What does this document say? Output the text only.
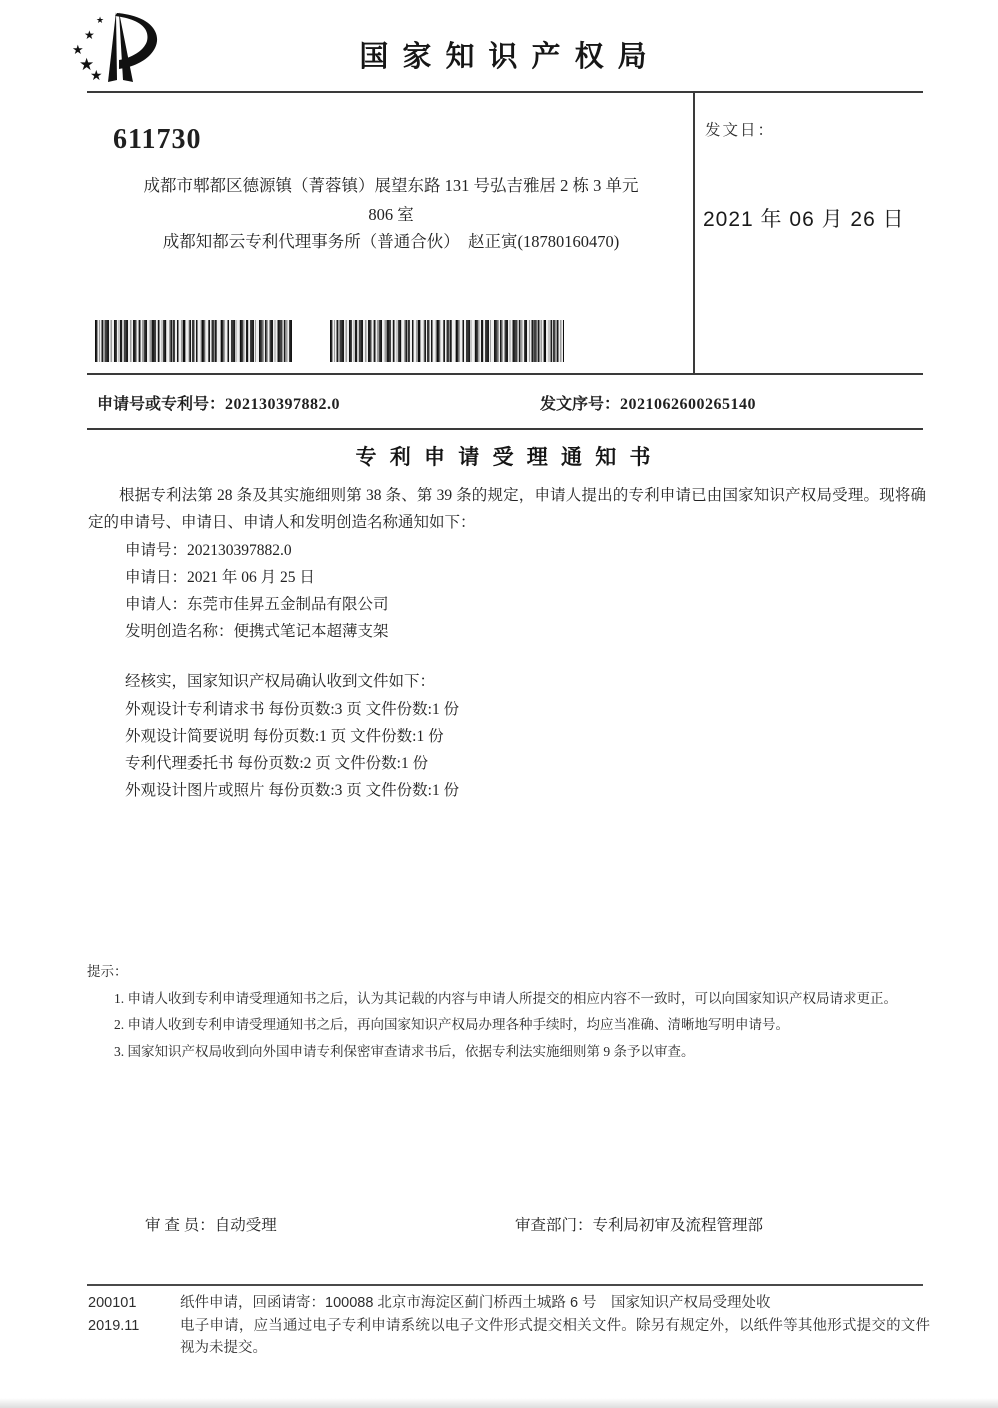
★
★
★
★
★
国 家 知 识 产 权 局
611730
成都市郫都区德源镇（菁蓉镇）展望东路 131 号弘吉雅居 2 栋 3 单元
806 室
成都知都云专利代理事务所（普通合伙）　赵正寅(18780160470)
发文日：
2021 年 06 月 26 日
申请号或专利号：202130397882.0	发文序号：2021062600265140
专 利 申 请 受 理 通 知 书
根据专利法第 28 条及其实施细则第 38 条、第 39 条的规定，申请人提出的专利申请已由国家知识产权局受理。现将确定的申请号、申请日、申请人和发明创造名称通知如下：
申请号：202130397882.0
申请日：2021 年 06 月 25 日
申请人：东莞市佳昇五金制品有限公司
发明创造名称：便携式笔记本超薄支架
经核实，国家知识产权局确认收到文件如下：
外观设计专利请求书 每份页数:3 页 文件份数:1 份
外观设计简要说明 每份页数:1 页 文件份数:1 份
专利代理委托书 每份页数:2 页 文件份数:1 份
外观设计图片或照片 每份页数:3 页 文件份数:1 份
提示：
1. 申请人收到专利申请受理通知书之后，认为其记载的内容与申请人所提交的相应内容不一致时，可以向国家知识产权局请求更正。
2. 申请人收到专利申请受理通知书之后，再向国家知识产权局办理各种手续时，均应当准确、清晰地写明申请号。
3. 国家知识产权局收到向外国申请专利保密审查请求书后，依据专利法实施细则第 9 条予以审查。
审 查 员：自动受理	审查部门：专利局初审及流程管理部
200101	纸件申请，回函请寄：100088 北京市海淀区蓟门桥西土城路 6 号　国家知识产权局受理处收
2019.11	电子申请，应当通过电子专利申请系统以电子文件形式提交相关文件。除另有规定外，以纸件等其他形式提交的文件视为未提交。
